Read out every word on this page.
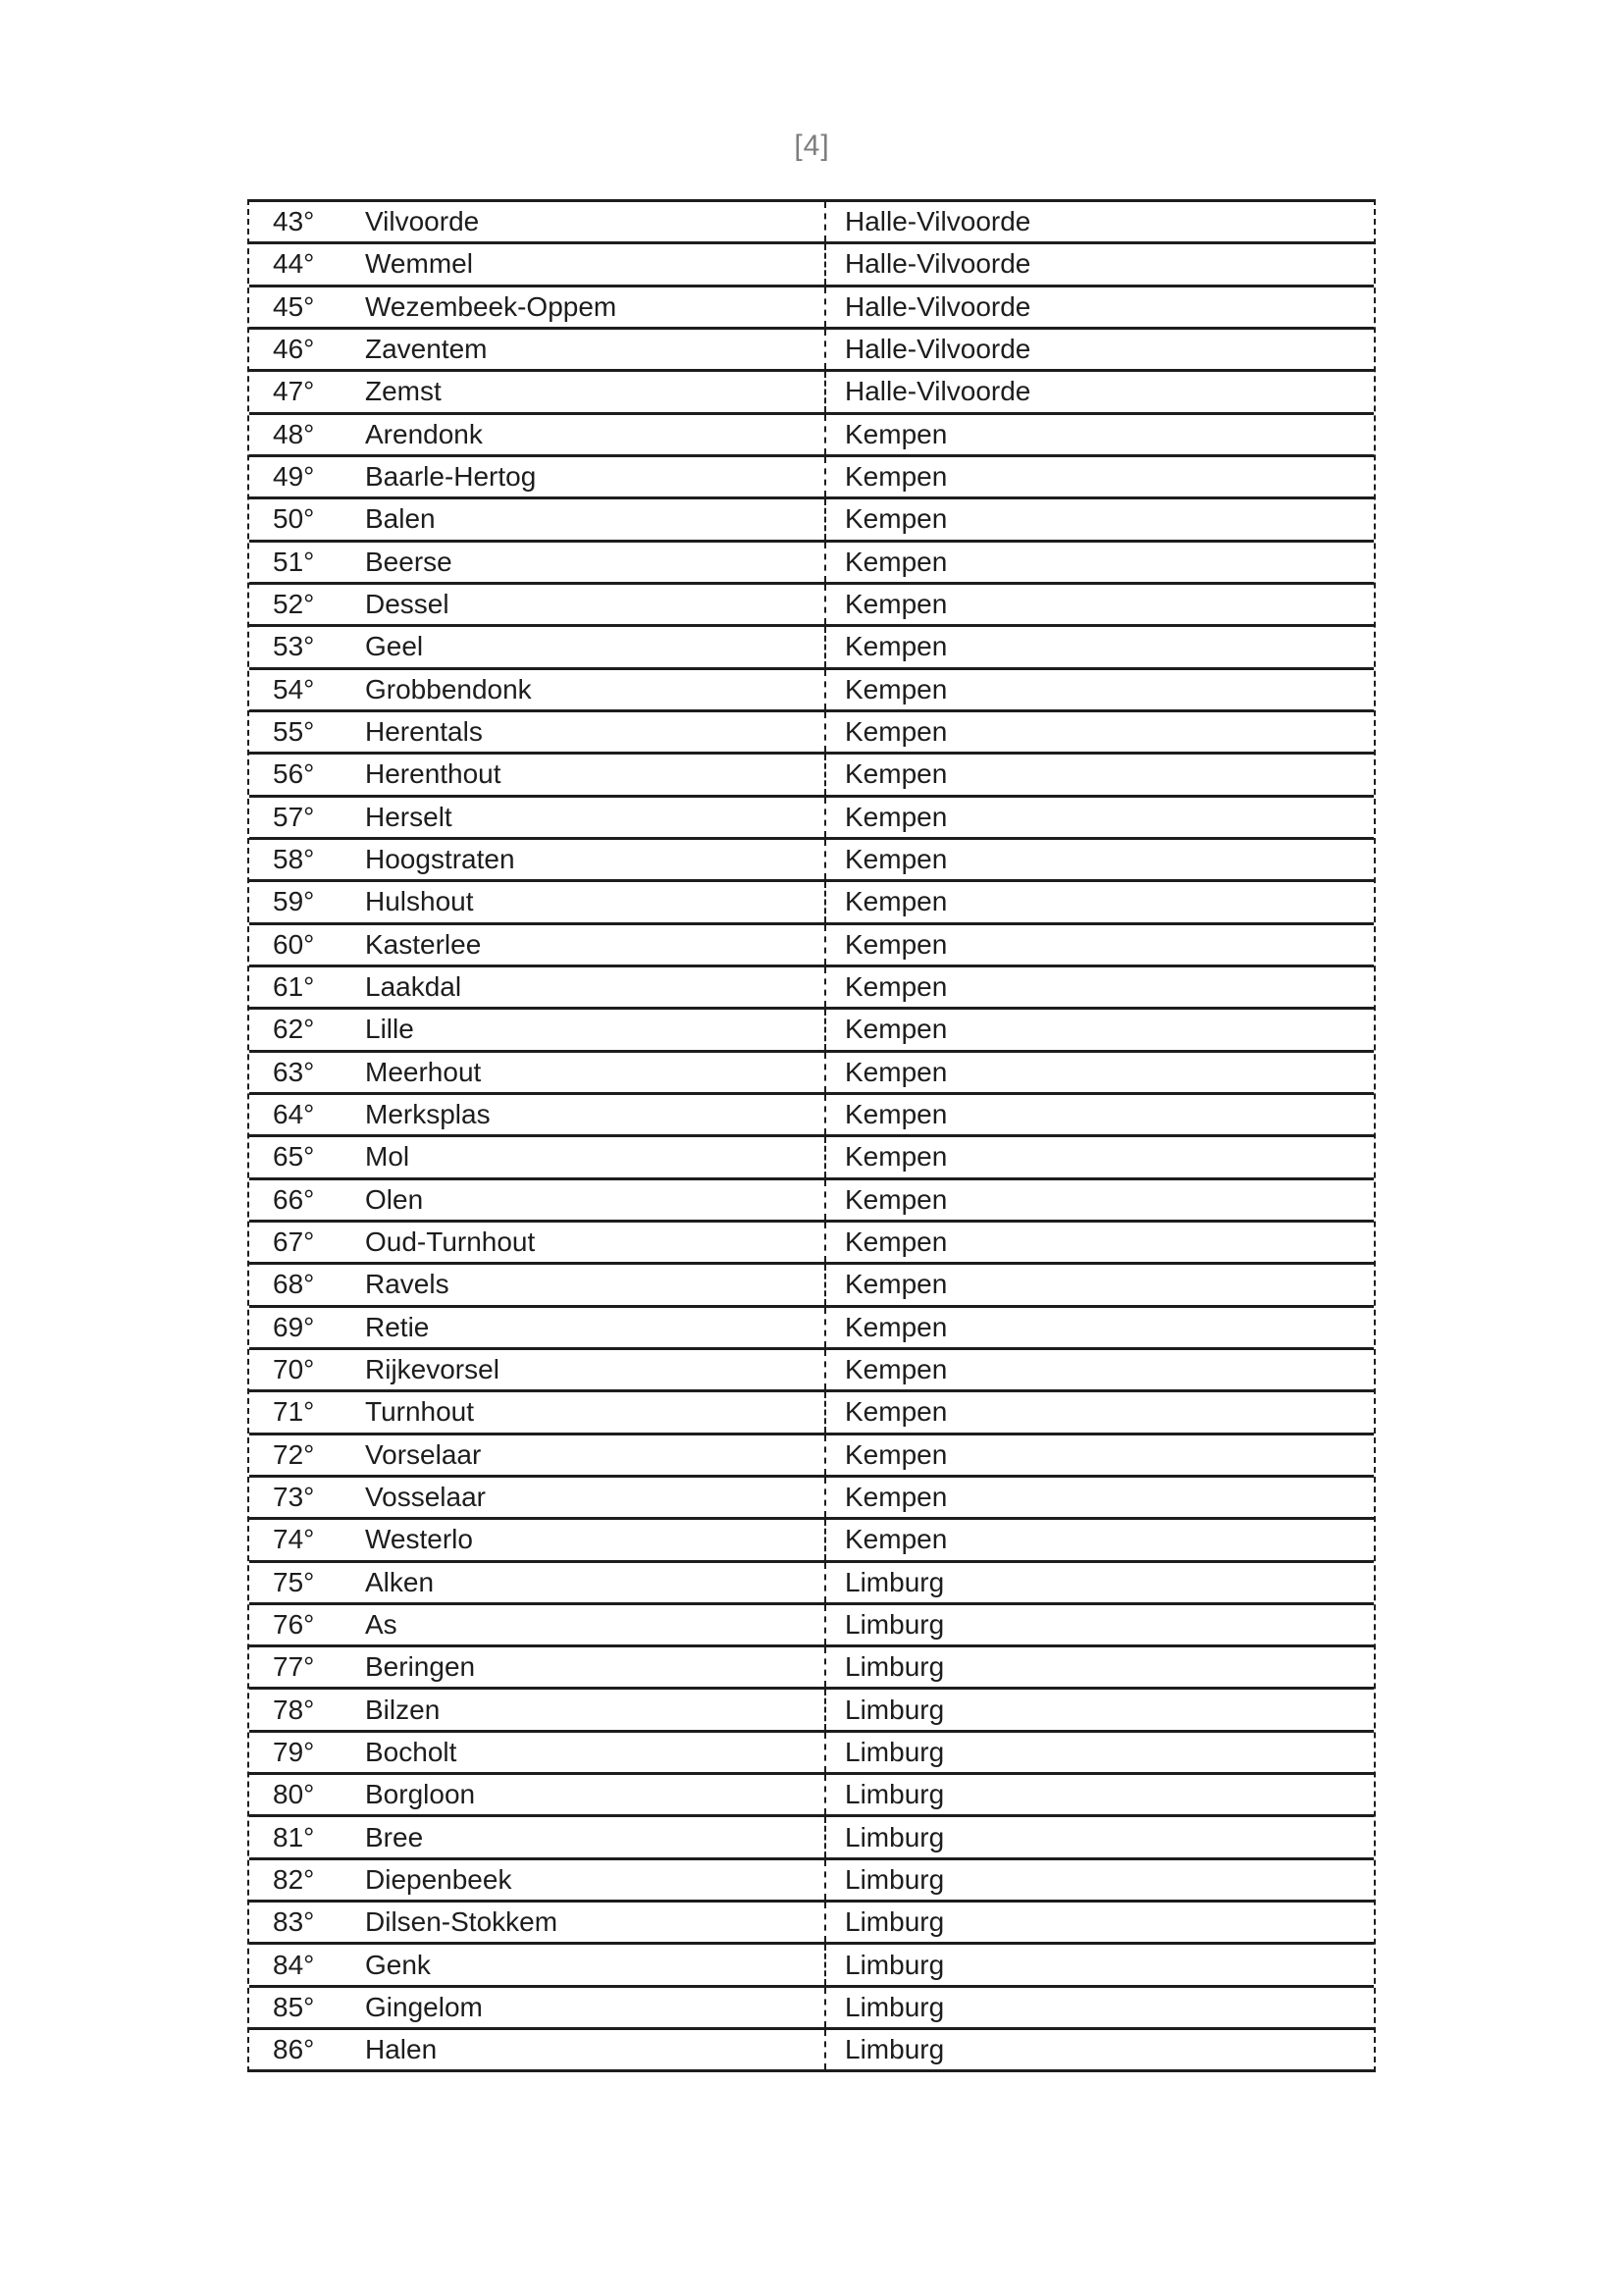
[4]
43°	Vilvoorde	Halle-Vilvoorde
44°	Wemmel	Halle-Vilvoorde
45°	Wezembeek-Oppem	Halle-Vilvoorde
46°	Zaventem	Halle-Vilvoorde
47°	Zemst	Halle-Vilvoorde
48°	Arendonk	Kempen
49°	Baarle-Hertog	Kempen
50°	Balen	Kempen
51°	Beerse	Kempen
52°	Dessel	Kempen
53°	Geel	Kempen
54°	Grobbendonk	Kempen
55°	Herentals	Kempen
56°	Herenthout	Kempen
57°	Herselt	Kempen
58°	Hoogstraten	Kempen
59°	Hulshout	Kempen
60°	Kasterlee	Kempen
61°	Laakdal	Kempen
62°	Lille	Kempen
63°	Meerhout	Kempen
64°	Merksplas	Kempen
65°	Mol	Kempen
66°	Olen	Kempen
67°	Oud-Turnhout	Kempen
68°	Ravels	Kempen
69°	Retie	Kempen
70°	Rijkevorsel	Kempen
71°	Turnhout	Kempen
72°	Vorselaar	Kempen
73°	Vosselaar	Kempen
74°	Westerlo	Kempen
75°	Alken	Limburg
76°	As	Limburg
77°	Beringen	Limburg
78°	Bilzen	Limburg
79°	Bocholt	Limburg
80°	Borgloon	Limburg
81°	Bree	Limburg
82°	Diepenbeek	Limburg
83°	Dilsen-Stokkem	Limburg
84°	Genk	Limburg
85°	Gingelom	Limburg
86°	Halen	Limburg
